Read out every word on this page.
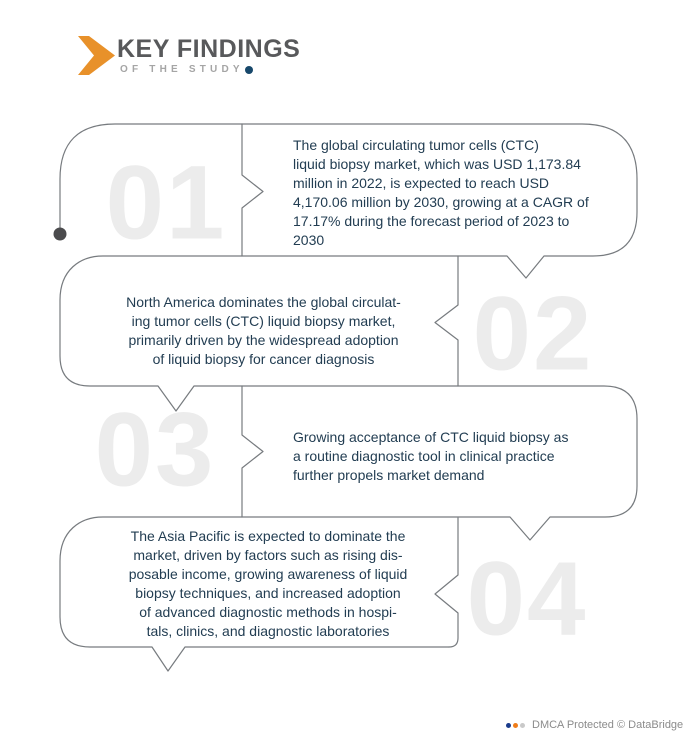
KEY FINDINGS
OF THE STUDY
01
02
03
04
The global circulating tumor cells (CTC)
liquid biopsy market, which was USD 1,173.84
million in 2022, is expected to reach USD
4,170.06 million by 2030, growing at a CAGR of
17.17% during the forecast period of 2023 to
2030
North America dominates the global circulat-
ing tumor cells (CTC) liquid biopsy market,
primarily driven by the widespread adoption
of liquid biopsy for cancer diagnosis
Growing acceptance of CTC liquid biopsy as
a routine diagnostic tool in clinical practice
further propels market demand
The Asia Pacific is expected to dominate the
market, driven by factors such as rising dis-
posable income, growing awareness of liquid
biopsy techniques, and increased adoption
of advanced diagnostic methods in hospi-
tals, clinics, and diagnostic laboratories
DMCA Protected © DataBridge
